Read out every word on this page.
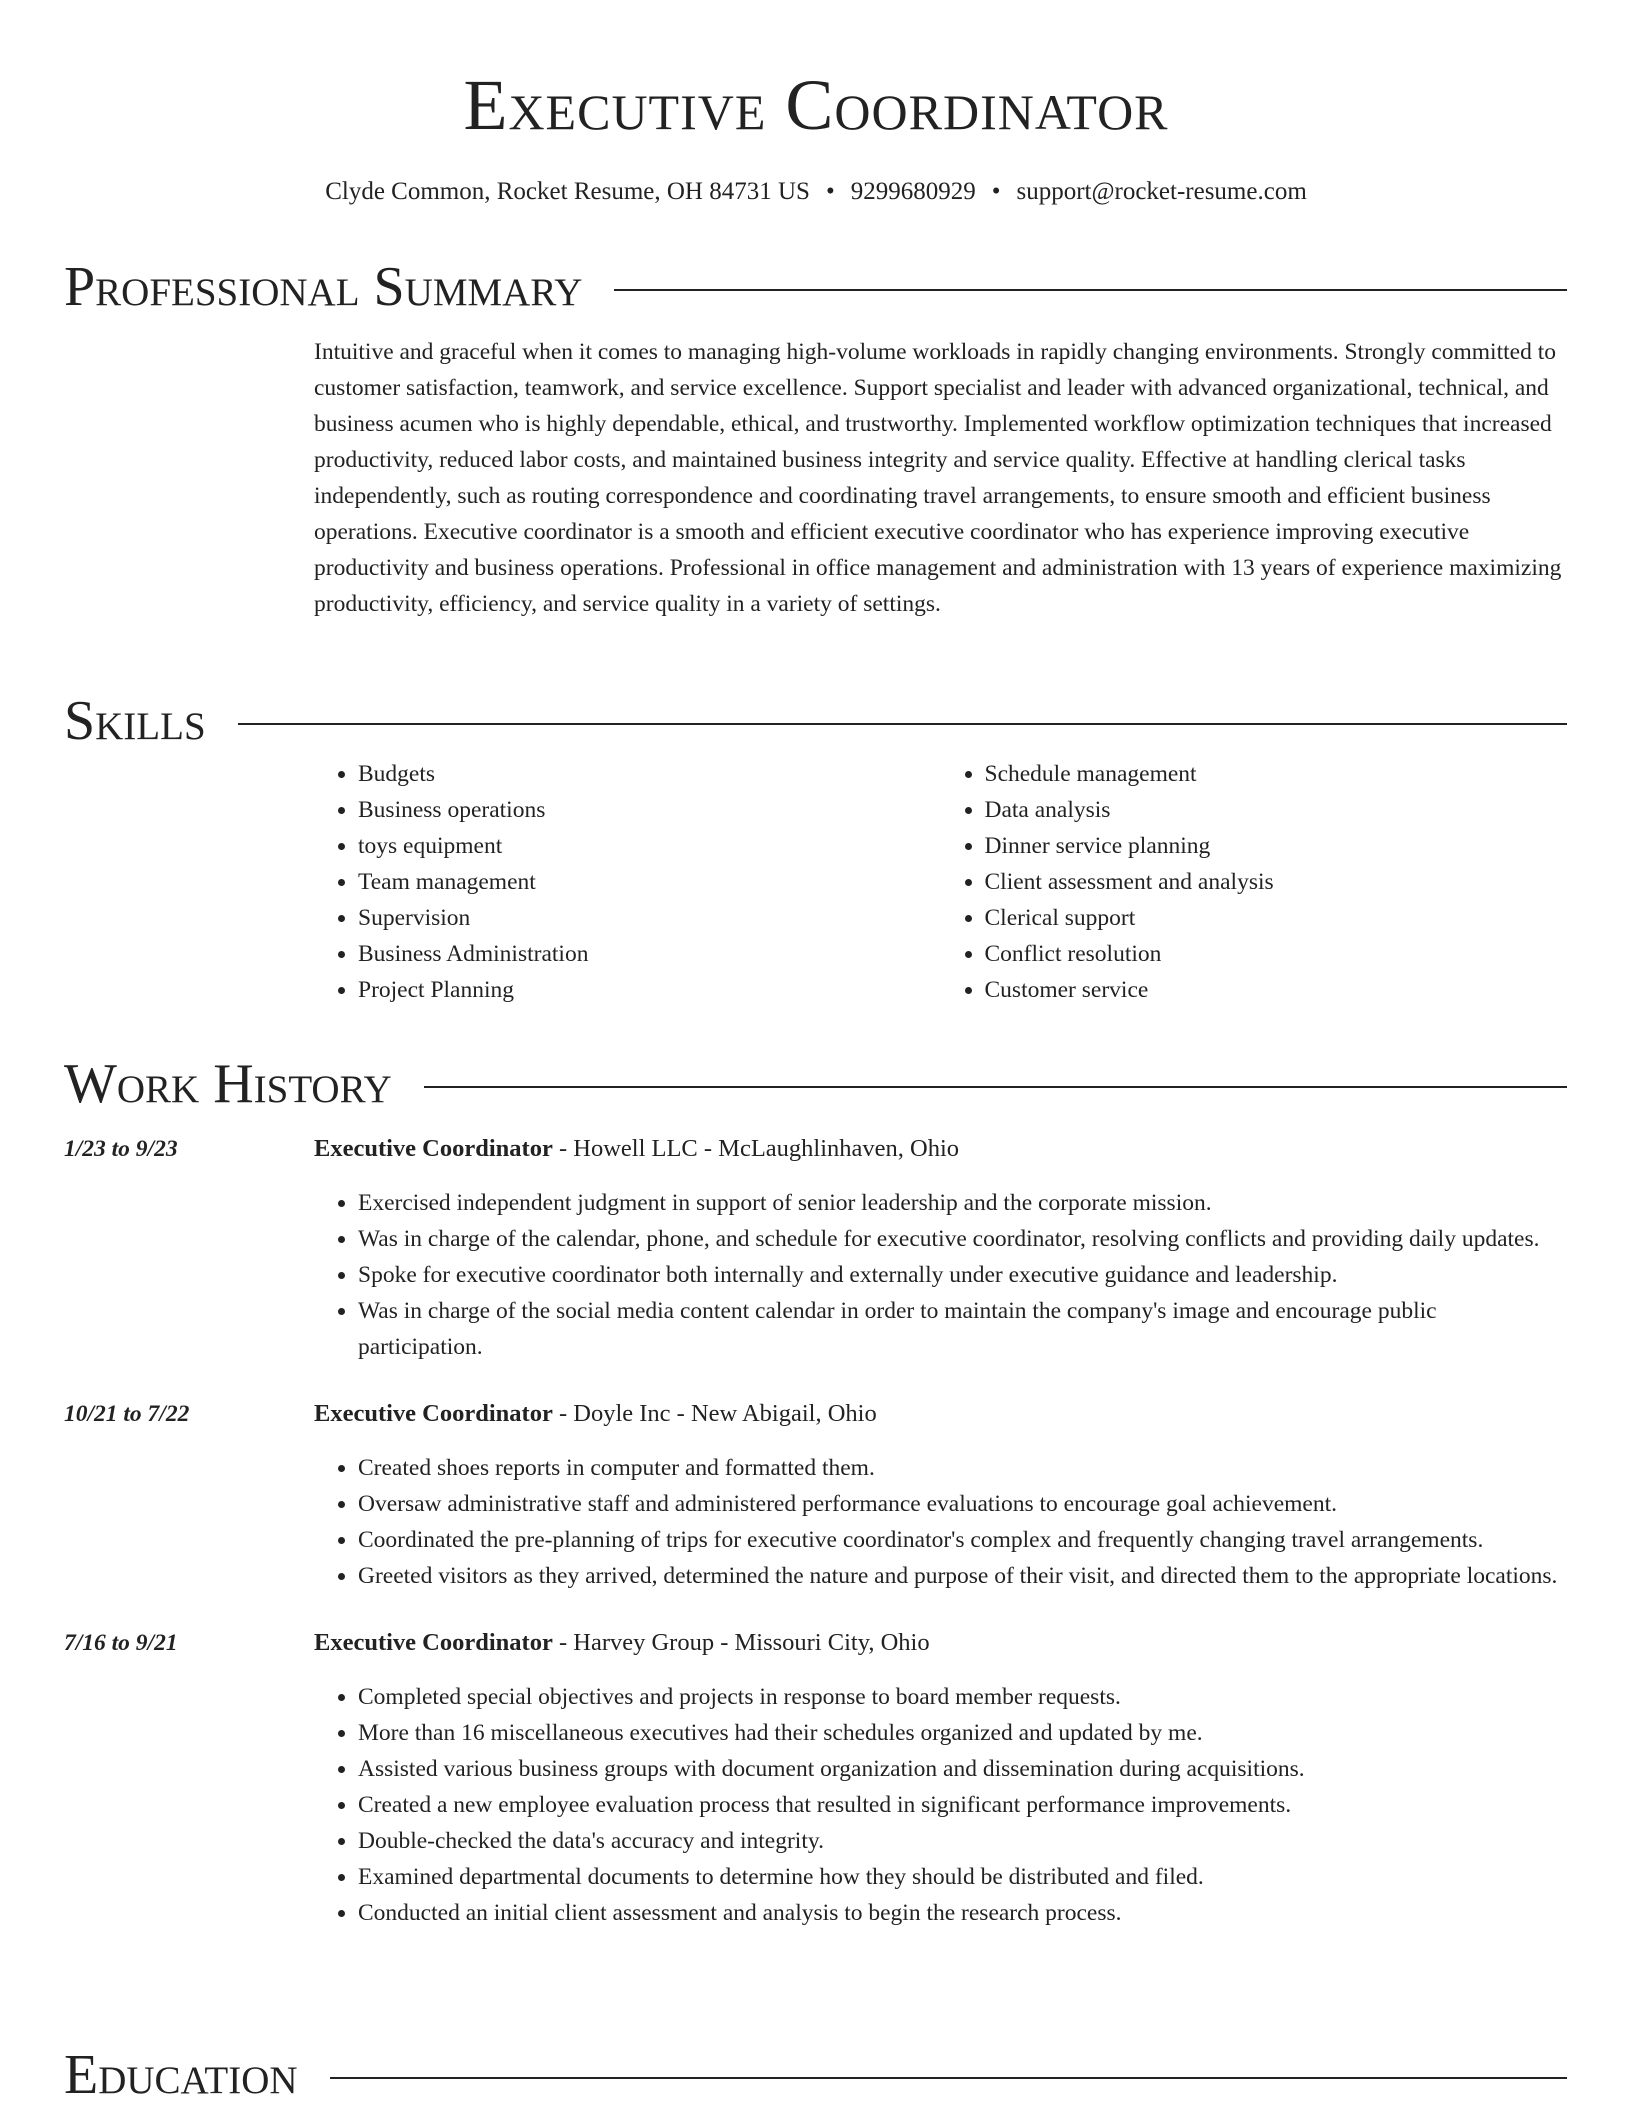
Executive Coordinator
Clyde Common, Rocket Resume, OH 84731 US • 9299680929 • support@rocket-resume.com
Professional Summary

Intuitive and graceful when it comes to managing high-volume workloads in rapidly changing environments. Strongly committed to customer satisfaction, teamwork, and service excellence. Support specialist and leader with advanced organizational, technical, and business acumen who is highly dependable, ethical, and trustworthy. Implemented workflow optimization techniques that increased productivity, reduced labor costs, and maintained business integrity and service quality. Effective at handling clerical tasks independently, such as routing correspondence and coordinating travel arrangements, to ensure smooth and efficient business operations. Executive coordinator is a smooth and efficient executive coordinator who has experience improving executive productivity and business operations. Professional in office management and administration with 13 years of experience maximizing productivity, efficiency, and service quality in a variety of settings.

Skills
• Budgets
• Business operations
• toys equipment
• Team management
• Supervision
• Business Administration
• Project Planning
• Schedule management
• Data analysis
• Dinner service planning
• Client assessment and analysis
• Clerical support
• Conflict resolution
• Customer service
Work History
1/23 to 9/23	Executive Coordinator - Howell LLC - McLaughlinhaven, Ohio
• Exercised independent judgment in support of senior leadership and the corporate mission.
• Was in charge of the calendar, phone, and schedule for executive coordinator, resolving conflicts and providing daily updates.
• Spoke for executive coordinator both internally and externally under executive guidance and leadership.
• Was in charge of the social media content calendar in order to maintain the company's image and encourage public participation.
10/21 to 7/22	Executive Coordinator - Doyle Inc - New Abigail, Ohio
• Created shoes reports in computer and formatted them.
• Oversaw administrative staff and administered performance evaluations to encourage goal achievement.
• Coordinated the pre-planning of trips for executive coordinator's complex and frequently changing travel arrangements.
• Greeted visitors as they arrived, determined the nature and purpose of their visit, and directed them to the appropriate locations.
7/16 to 9/21	Executive Coordinator - Harvey Group - Missouri City, Ohio
• Completed special objectives and projects in response to board member requests.
• More than 16 miscellaneous executives had their schedules organized and updated by me.
• Assisted various business groups with document organization and dissemination during acquisitions.
• Created a new employee evaluation process that resulted in significant performance improvements.
• Double-checked the data's accuracy and integrity.
• Examined departmental documents to determine how they should be distributed and filed.
• Conducted an initial client assessment and analysis to begin the research process.
Education
